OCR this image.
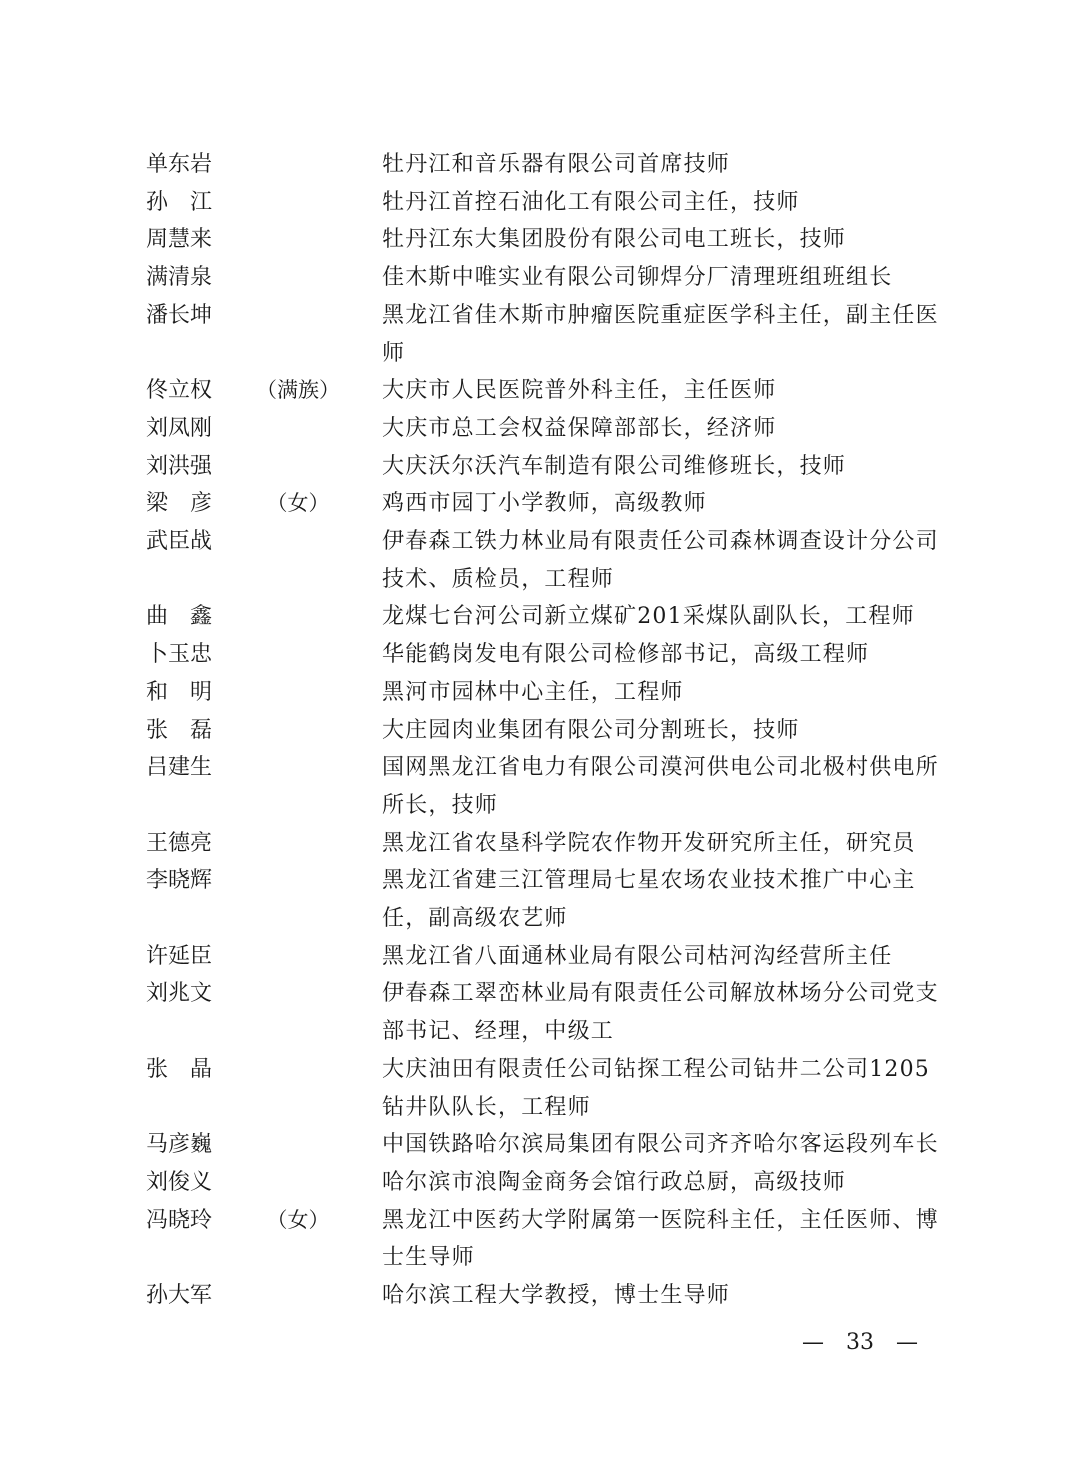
单东岩	牡丹江和音乐器有限公司首席技师
孙　江	牡丹江首控石油化工有限公司主任，技师
周慧来	牡丹江东大集团股份有限公司电工班长，技师
满清泉	佳木斯中唯实业有限公司铆焊分厂清理班组班组长
潘长坤	黑龙江省佳木斯市肿瘤医院重症医学科主任，副主任医师
佟立权	（满族）	大庆市人民医院普外科主任，主任医师
刘凤刚	大庆市总工会权益保障部部长，经济师
刘洪强	大庆沃尔沃汽车制造有限公司维修班长，技师
梁　彦	　（女）	鸡西市园丁小学教师，高级教师
武臣战	伊春森工铁力林业局有限责任公司森林调查设计分公司技术、质检员，工程师
曲　鑫	龙煤七台河公司新立煤矿201采煤队副队长，工程师
卜玉忠	华能鹤岗发电有限公司检修部书记，高级工程师
和　明	黑河市园林中心主任，工程师
张　磊	大庄园肉业集团有限公司分割班长，技师
吕建生	国网黑龙江省电力有限公司漠河供电公司北极村供电所所长，技师
王德亮	黑龙江省农垦科学院农作物开发研究所主任，研究员
李晓辉	黑龙江省建三江管理局七星农场农业技术推广中心主任，副高级农艺师
许延臣	黑龙江省八面通林业局有限公司枯河沟经营所主任
刘兆文	伊春森工翠峦林业局有限责任公司解放林场分公司党支部书记、经理，中级工
张　晶	大庆油田有限责任公司钻探工程公司钻井二公司1205钻井队队长，工程师
马彦巍	中国铁路哈尔滨局集团有限公司齐齐哈尔客运段列车长
刘俊义	哈尔滨市浪陶金商务会馆行政总厨，高级技师
冯晓玲	　（女）	黑龙江中医药大学附属第一医院科主任，主任医师、博士生导师
孙大军	哈尔滨工程大学教授，博士生导师
—　33　—
